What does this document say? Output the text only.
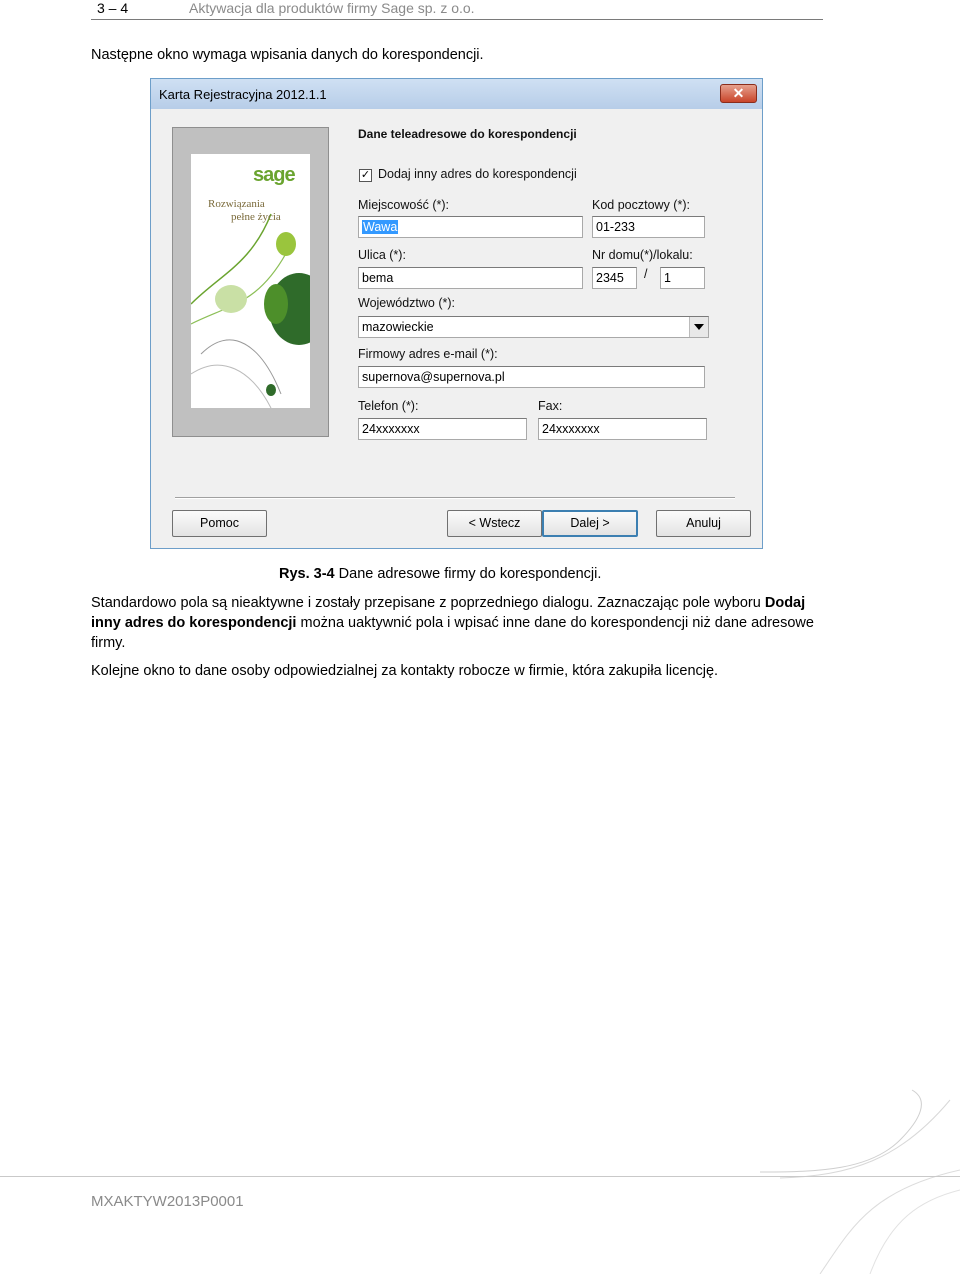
3 – 4	Aktywacja dla produktów firmy Sage sp. z o.o.
Następne okno wymaga wpisania danych do korespondencji.
Karta Rejestracyjna 2012.1.1	✕
sage
Rozwiązania
pełne życia
Dane teleadresowe do korespondencji
✓ Dodaj inny adres do korespondencji
Miejscowość (*):
Wawa
Kod pocztowy (*):
01-233
Ulica (*):
bema
Nr domu(*)/lokalu:
2345	/	1
Województwo (*):
mazowieckie
Firmowy adres e-mail (*):
supernova@supernova.pl
Telefon (*):
24xxxxxxx
Fax:
24xxxxxxx
Pomoc	< Wstecz	Dalej >	Anuluj
Rys. 3-4 Dane adresowe firmy do korespondencji.
Standardowo pola są nieaktywne i zostały przepisane z poprzedniego dialogu. Zaznaczając pole wyboru Dodaj inny adres do korespondencji można uaktywnić pola i wpisać inne dane do korespondencji niż dane adresowe firmy.
Kolejne okno to dane osoby odpowiedzialnej za kontakty robocze w firmie, która zakupiła licencję.
MXAKTYW2013P0001
